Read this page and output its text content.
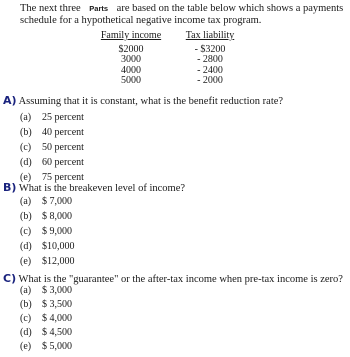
The next three Parts are based on the table below which shows a payments
schedule for a hypothetical negative income tax program.
Family income
$2000
3000
4000
5000
Tax liability
- $3200
- 2800
- 2400
- 2000
A) Assuming that it is constant, what is the benefit reduction rate?
(a) 25 percent
(b) 40 percent
(c) 50 percent
(d) 60 percent
(e) 75 percent
B) What is the breakeven level of income?
(a) $ 7,000
(b) $ 8,000
(c) $ 9,000
(d) $10,000
(e) $12,000
C) What is the "guarantee" or the after-tax income when pre-tax income is zero?
(a) $ 3,000
(b) $ 3,500
(c) $ 4,000
(d) $ 4,500
(e) $ 5,000
